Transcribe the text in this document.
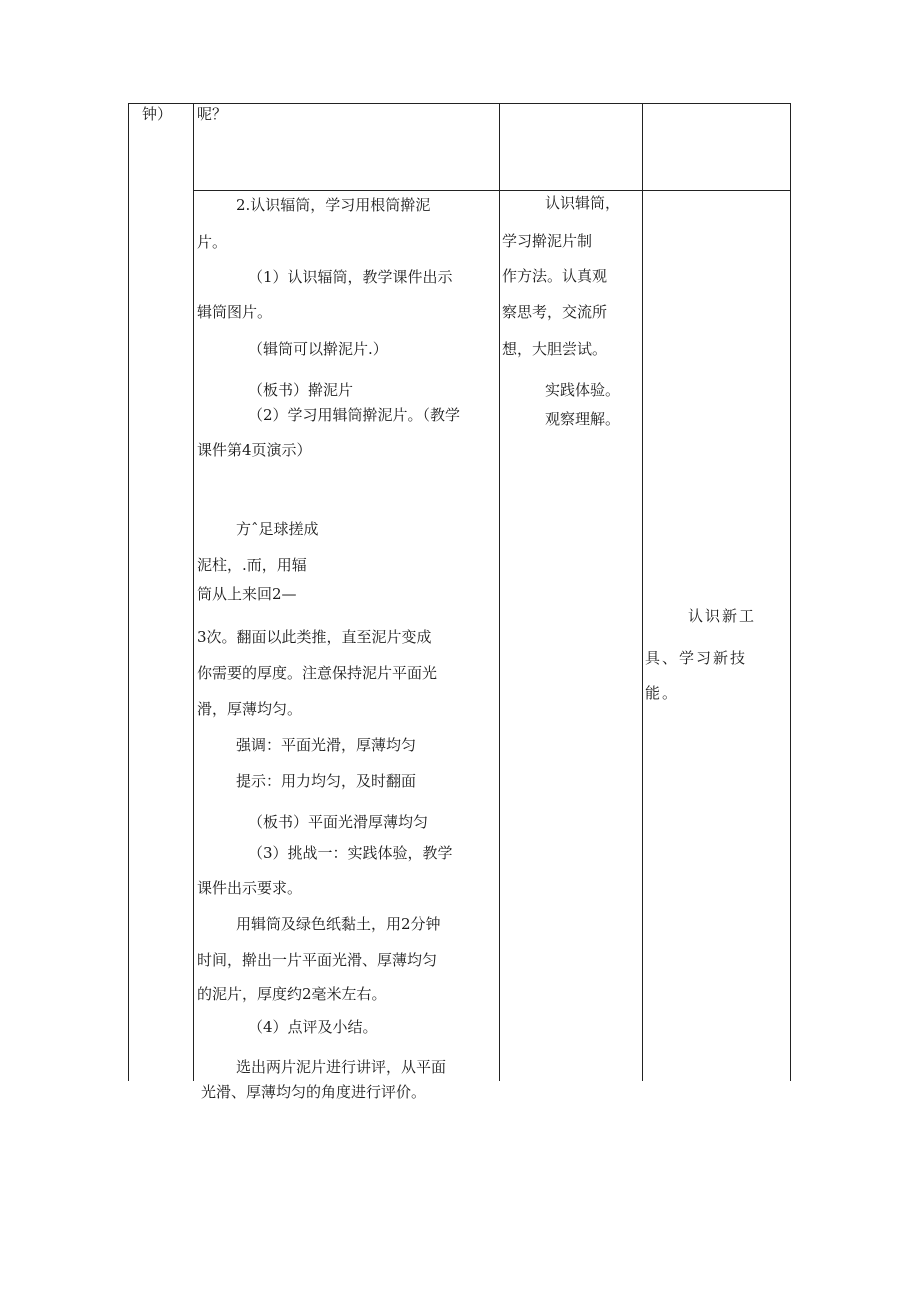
钟） 呢？
2.认识辐筒，学习用根筒擀泥
片。
（1）认识辐筒，教学课件出示
辑筒图片。
（辑筒可以擀泥片.）
（板书）擀泥片
（2）学习用辑筒擀泥片。（教学
课件第4页演示）
方ˆ足球搓成
泥柱，.而，用辐
筒从上来回2—
3次。翻面以此类推，直至泥片变成
你需要的厚度。注意保持泥片平面光
滑，厚薄均匀。
强调：平面光滑，厚薄均匀
提示：用力均匀，及时翻面
（板书）平面光滑厚薄均匀
（3）挑战一：实践体验，教学
课件出示要求。
用辑筒及绿色纸黏土，用2分钟
时间，擀出一片平面光滑、厚薄均匀
的泥片，厚度约2毫米左右。
（4）点评及小结。
选出两片泥片进行讲评，从平面
光滑、厚薄均匀的角度进行评价。
认识辑筒，
学习擀泥片制
作方法。认真观
察思考，交流所
想，大胆尝试。
实践体验。
观察理解。
认识新工
具、学习新技
能。
